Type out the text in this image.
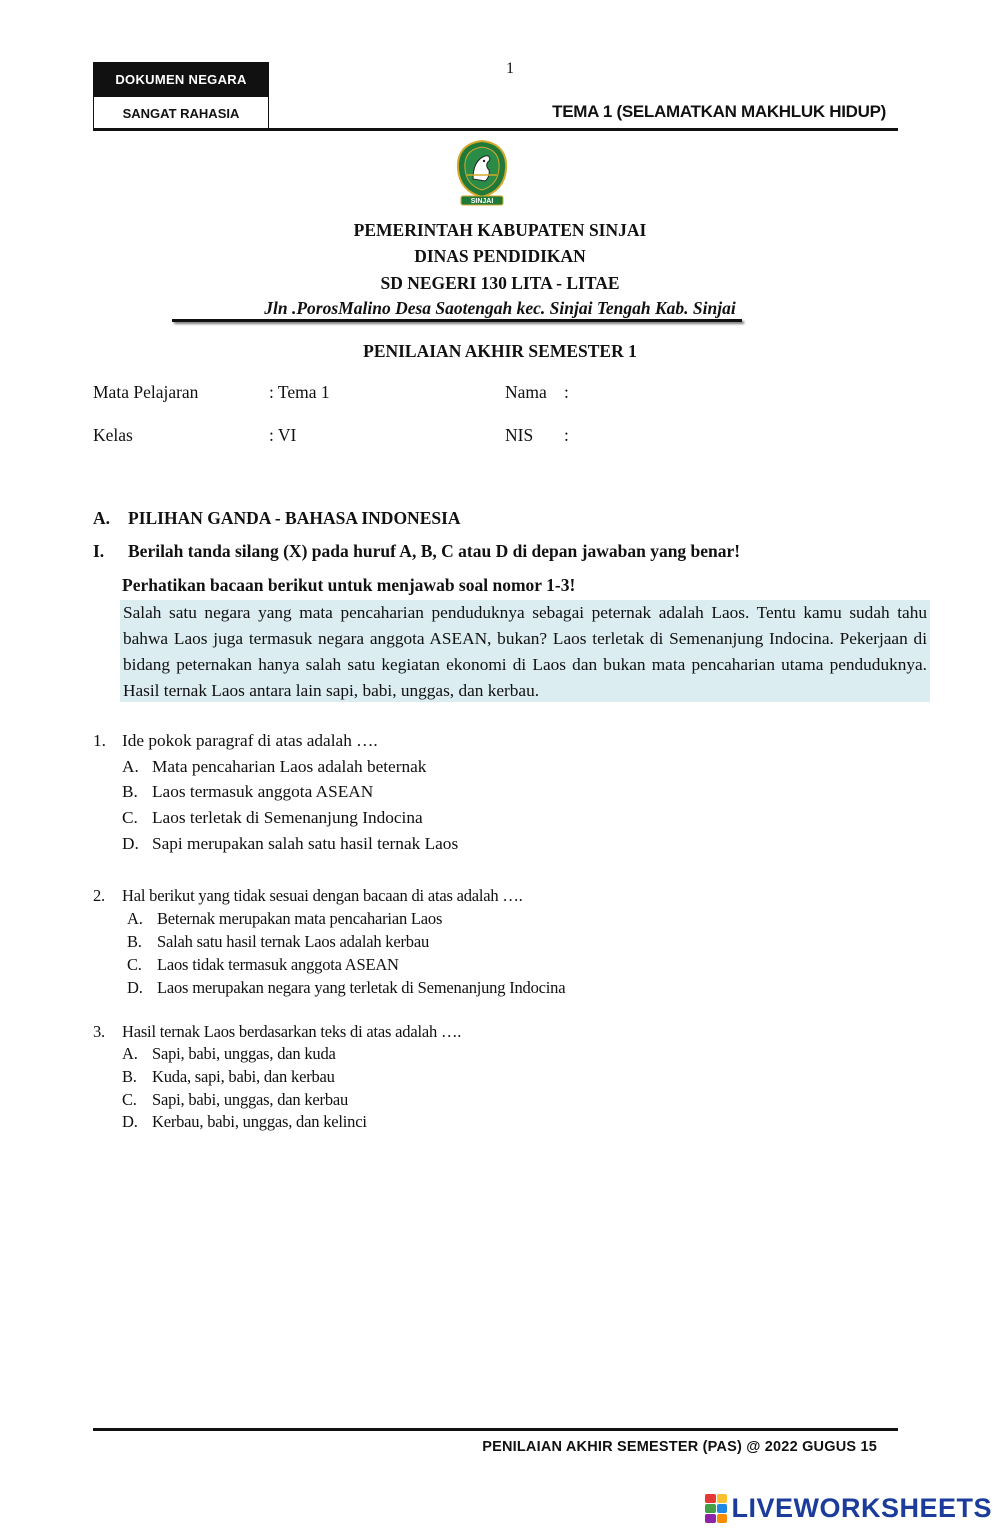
DOKUMEN NEGARA
SANGAT RAHASIA
1
TEMA 1 (SELAMATKAN MAKHLUK HIDUP)
SINJAI
PEMERINTAH KABUPATEN SINJAI
DINAS PENDIDIKAN
SD NEGERI 130 LITA - LITAE
Jln .PorosMalino Desa Saotengah kec. Sinjai Tengah Kab. Sinjai
PENILAIAN AKHIR SEMESTER 1
Mata Pelajaran	: Tema 1	Nama :
Kelas	: VI	NIS :
A. PILIHAN GANDA - BAHASA INDONESIA
I. Berilah tanda silang (X) pada huruf A, B, C atau D di depan jawaban yang benar!
Perhatikan bacaan berikut untuk menjawab soal nomor 1-3!

Salah satu negara yang mata pencaharian penduduknya sebagai peternak adalah Laos. Tentu kamu sudah tahu bahwa Laos juga termasuk negara anggota ASEAN, bukan? Laos terletak di Semenanjung Indocina. Pekerjaan di bidang peternakan hanya salah satu kegiatan ekonomi di Laos dan bukan mata pencaharian utama penduduknya. Hasil ternak Laos antara lain sapi, babi, unggas, dan kerbau.

1. Ide pokok paragraf di atas adalah ….
A. Mata pencaharian Laos adalah beternak
B. Laos termasuk anggota ASEAN
C. Laos terletak di Semenanjung Indocina
D. Sapi merupakan salah satu hasil ternak Laos
2. Hal berikut yang tidak sesuai dengan bacaan di atas adalah ….
A. Beternak merupakan mata pencaharian Laos
B. Salah satu hasil ternak Laos adalah kerbau
C. Laos tidak termasuk anggota ASEAN
D. Laos merupakan negara yang terletak di Semenanjung Indocina
3. Hasil ternak Laos berdasarkan teks di atas adalah ….
A. Sapi, babi, unggas, dan kuda
B. Kuda, sapi, babi, dan kerbau
C. Sapi, babi, unggas, dan kerbau
D. Kerbau, babi, unggas, dan kelinci
PENILAIAN AKHIR SEMESTER (PAS) @ 2022 GUGUS 15
LIVEWORKSHEETS
